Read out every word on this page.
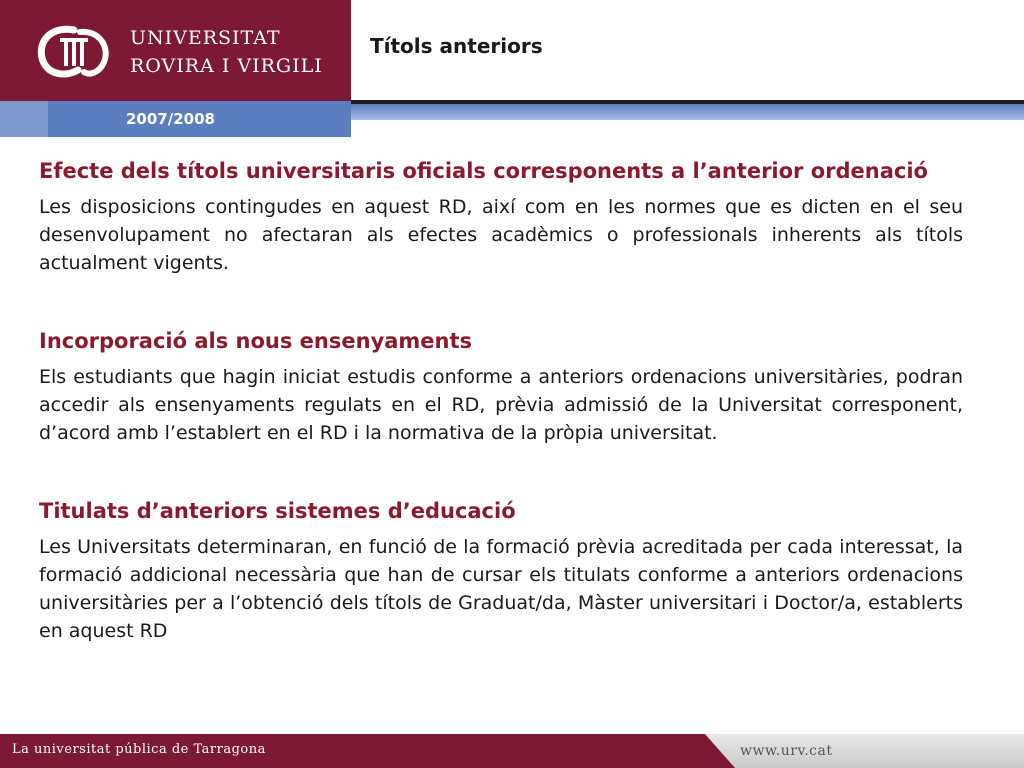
UNIVERSITAT
ROVIRA I VIRGILI
Títols anteriors
2007/2008
Efecte dels títols universitaris oficials corresponents a l’anterior ordenació
Les disposicions contingudes en aquest RD, així com en les normes que es dicten en el seu desenvolupament no afectaran als efectes acadèmics o professionals inherents als títols actualment vigents.
Incorporació als nous ensenyaments
Els estudiants que hagin iniciat estudis conforme a anteriors ordenacions universitàries, podran accedir als ensenyaments regulats en el RD, prèvia admissió de la Universitat corresponent, d’acord amb l’establert en el RD i la normativa de la pròpia universitat.
Titulats d’anteriors sistemes d’educació
Les Universitats determinaran, en funció de la formació prèvia acreditada per cada interessat, la formació addicional necessària que han de cursar els titulats conforme a anteriors ordenacions universitàries per a l’obtenció dels títols de Graduat/da, Màster universitari i Doctor/a, establerts en aquest RD
La universitat pública de Tarragona	www.urv.cat
